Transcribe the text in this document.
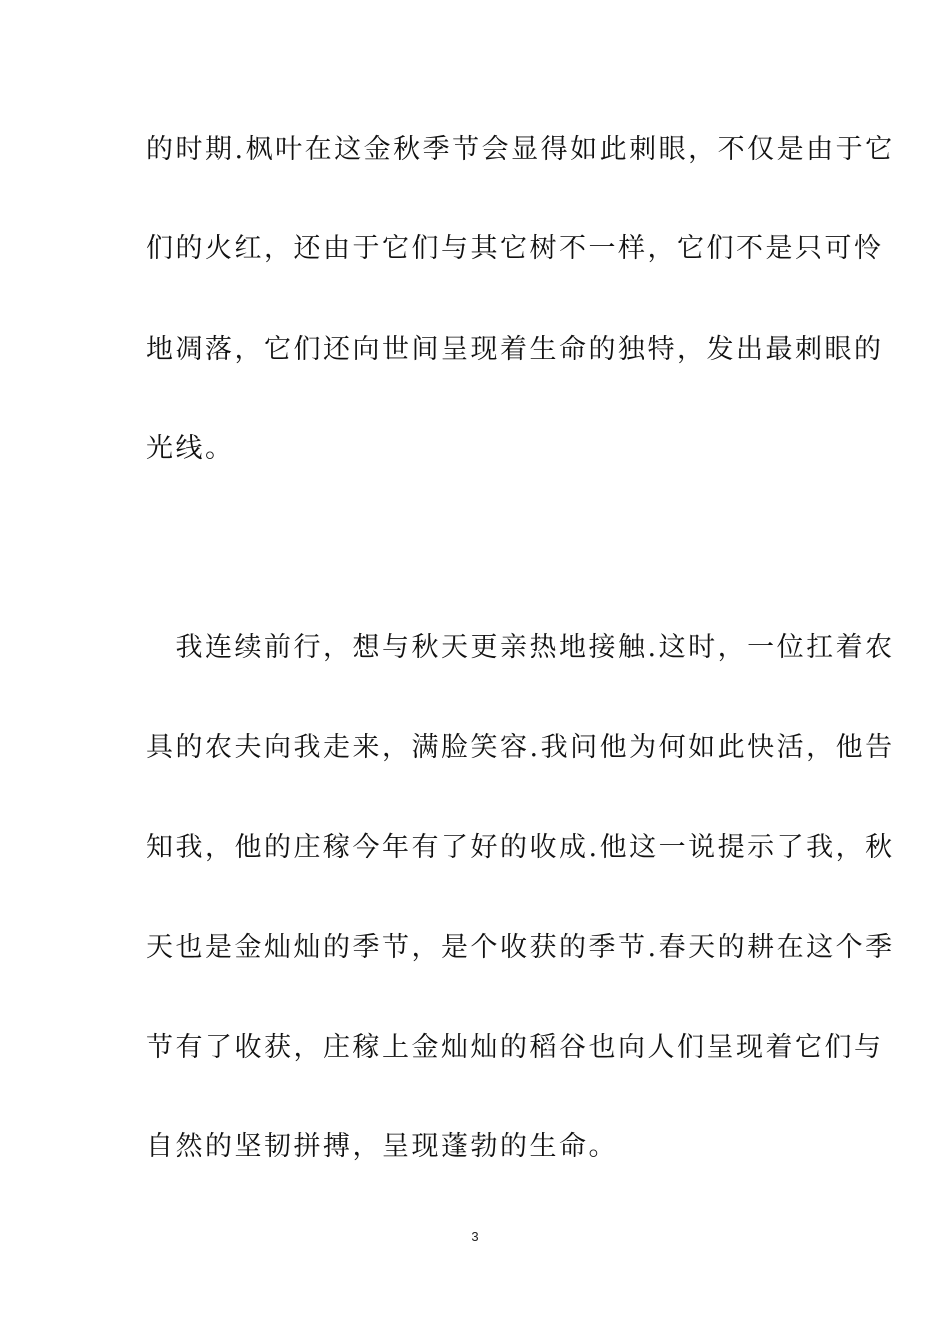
的时期.枫叶在这金秋季节会显得如此刺眼，不仅是由于它
们的火红，还由于它们与其它树不一样，它们不是只可怜
地凋落，它们还向世间呈现着生命的独特，发出最刺眼的
光线。
　我连续前行，想与秋天更亲热地接触.这时，一位扛着农
具的农夫向我走来，满脸笑容.我问他为何如此快活，他告
知我，他的庄稼今年有了好的收成.他这一说提示了我，秋
天也是金灿灿的季节，是个收获的季节.春天的耕在这个季
节有了收获，庄稼上金灿灿的稻谷也向人们呈现着它们与
自然的坚韧拼搏，呈现蓬勃的生命。
3
